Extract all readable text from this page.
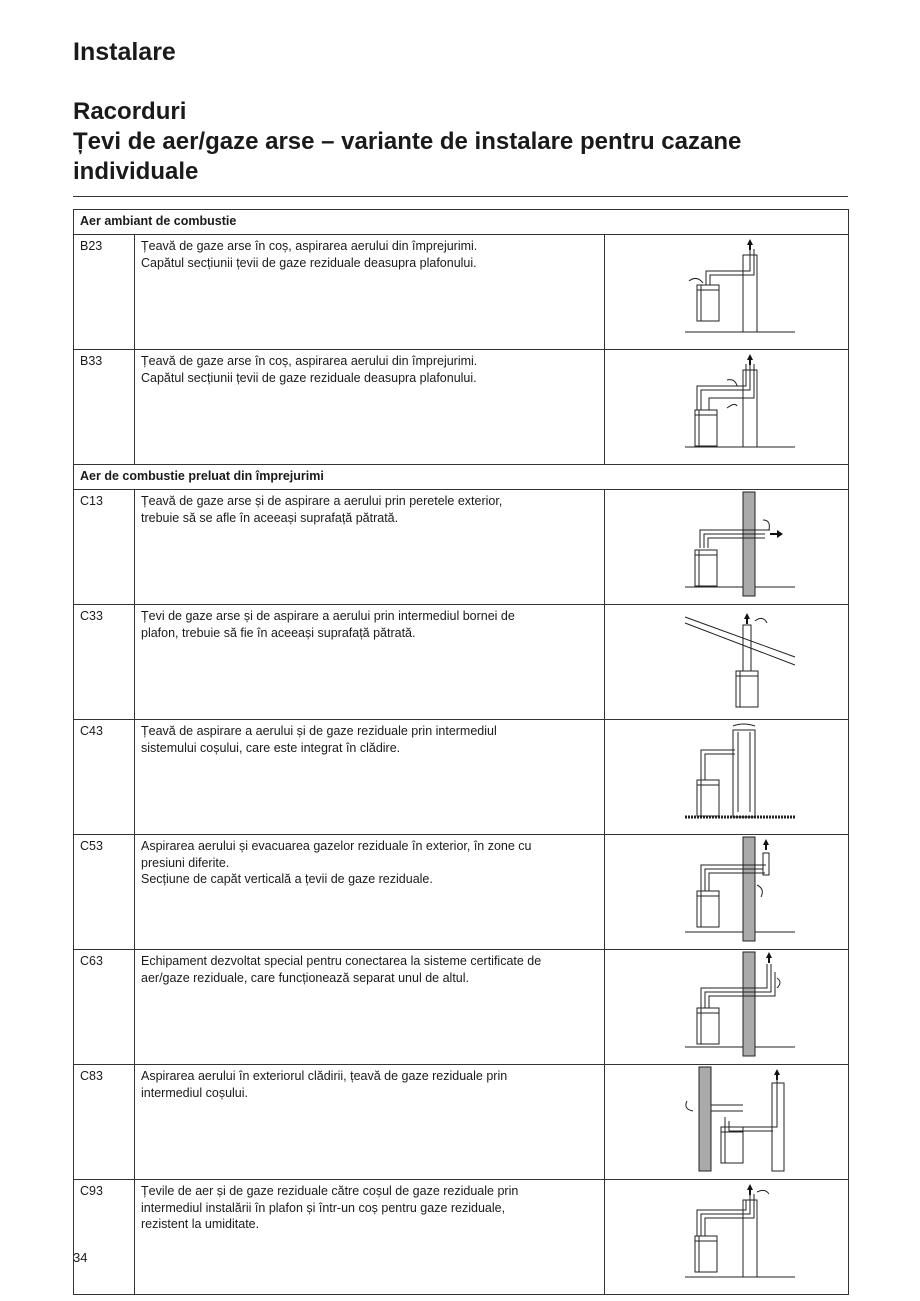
Instalare
Racorduri
Țevi de aer/gaze arse – variante de instalare pentru cazane individuale
Aer ambiant de combustie		
B23	Țeavă de gaze arse în coș, aspirarea aerului din împrejurimi.
Capătul secțiunii țevii de gaze reziduale deasupra plafonului.

B33	Țeavă de gaze arse în coș, aspirarea aerului din împrejurimi.
Capătul secțiunii țevii de gaze reziduale deasupra plafonului.

Aer de combustie preluat din împrejurimi		
C13	Țeavă de gaze arse și de aspirare a aerului prin peretele exterior,
trebuie să se afle în aceeași suprafață pătrată.

C33	Țevi de gaze arse și de aspirare a aerului prin intermediul bornei de
plafon, trebuie să fie în aceeași suprafață pătrată.

C43	Țeavă de aspirare a aerului și de gaze reziduale prin intermediul
sistemului coșului, care este integrat în clădire.

C53	Aspirarea aerului și evacuarea gazelor reziduale în exterior, în zone cu
presiuni diferite.
Secțiune de capăt verticală a țevii de gaze reziduale.

C63	Echipament dezvoltat special pentru conectarea la sisteme certificate de
aer/gaze reziduale, care funcționează separat unul de altul.

C83	Aspirarea aerului în exteriorul clădirii, țeavă de gaze reziduale prin
intermediul coșului.

C93	Țevile de aer și de gaze reziduale către coșul de gaze reziduale prin
intermediul instalării în plafon și într-un coș pentru gaze reziduale,
rezistent la umiditate.

34
